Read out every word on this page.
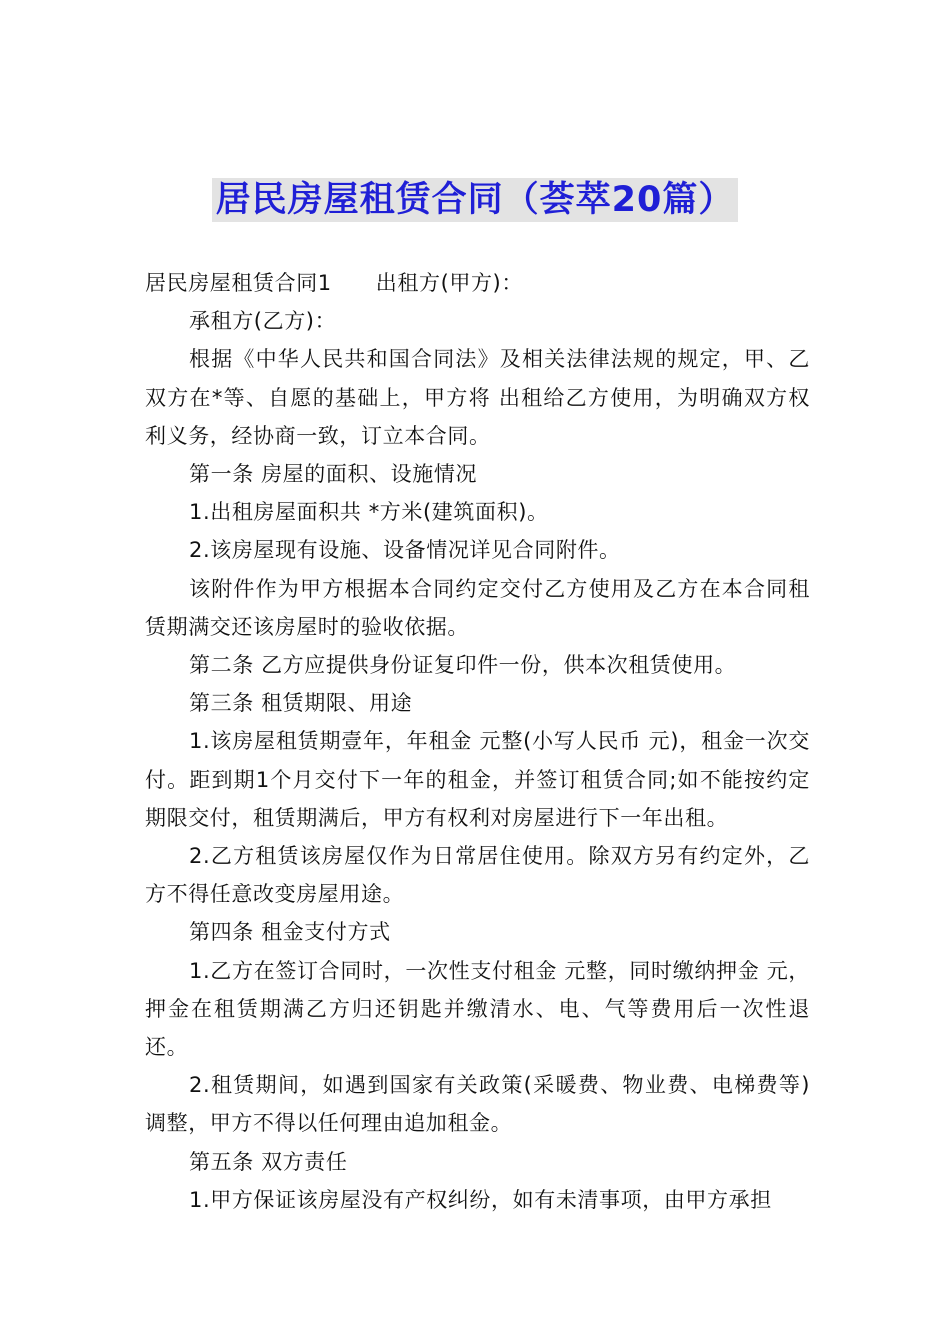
居民房屋租赁合同（荟萃20篇）

居民房屋租赁合同1 出租方(甲方)：

承租方(乙方)：

根据《中华人民共和国合同法》及相关法律法规的规定，甲、乙双方在*等、自愿的基础上，甲方将 出租给乙方使用，为明确双方权利义务，经协商一致，订立本合同。

第一条 房屋的面积、设施情况

1.出租房屋面积共 *方米(建筑面积)。

2.该房屋现有设施、设备情况详见合同附件。

该附件作为甲方根据本合同约定交付乙方使用及乙方在本合同租赁期满交还该房屋时的验收依据。

第二条 乙方应提供身份证复印件一份，供本次租赁使用。

第三条 租赁期限、用途

1.该房屋租赁期壹年，年租金 元整(小写人民币 元)，租金一次交付。距到期1个月交付下一年的租金，并签订租赁合同;如不能按约定期限交付，租赁期满后，甲方有权利对房屋进行下一年出租。

2.乙方租赁该房屋仅作为日常居住使用。除双方另有约定外，乙方不得任意改变房屋用途。

第四条 租金支付方式

1.乙方在签订合同时，一次性支付租金 元整，同时缴纳押金 元，押金在租赁期满乙方归还钥匙并缴清水、电、气等费用后一次性退还。

2.租赁期间，如遇到国家有关政策(采暖费、物业费、电梯费等)调整，甲方不得以任何理由追加租金。

第五条 双方责任

1.甲方保证该房屋没有产权纠纷，如有未清事项，由甲方承担
